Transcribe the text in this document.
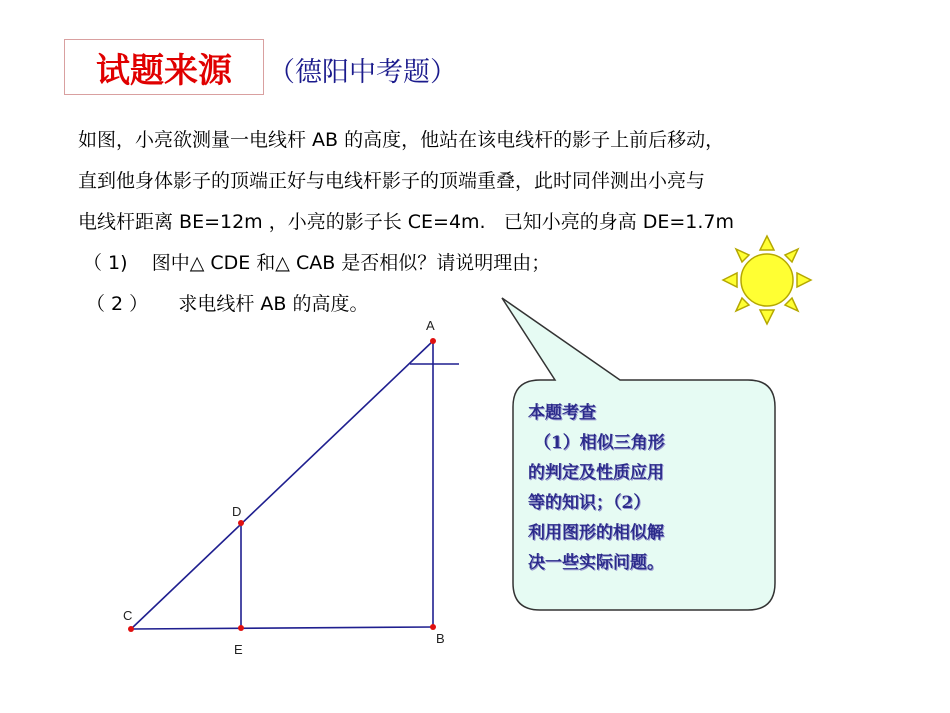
试题来源 （德阳中考题）
如图，小亮欲测量一电线杆 AB 的高度，他站在该电线杆的影子上前后移动，
直到他身体影子的顶端正好与电线杆影子的顶端重叠，此时同伴测出小亮与
电线杆距离 BE=12m ，小亮的影子长 CE=4m.   已知小亮的身高 DE=1.7m
（ 1)    图中△ CDE 和△ CAB 是否相似？请说明理由；
（ 2 ）     求电线杆 AB 的高度。
A
B
C
D
E
本题考查
（1）相似三角形
的判定及性质应用
等的知识；（2）
利用图形的相似解
决一些实际问题。
